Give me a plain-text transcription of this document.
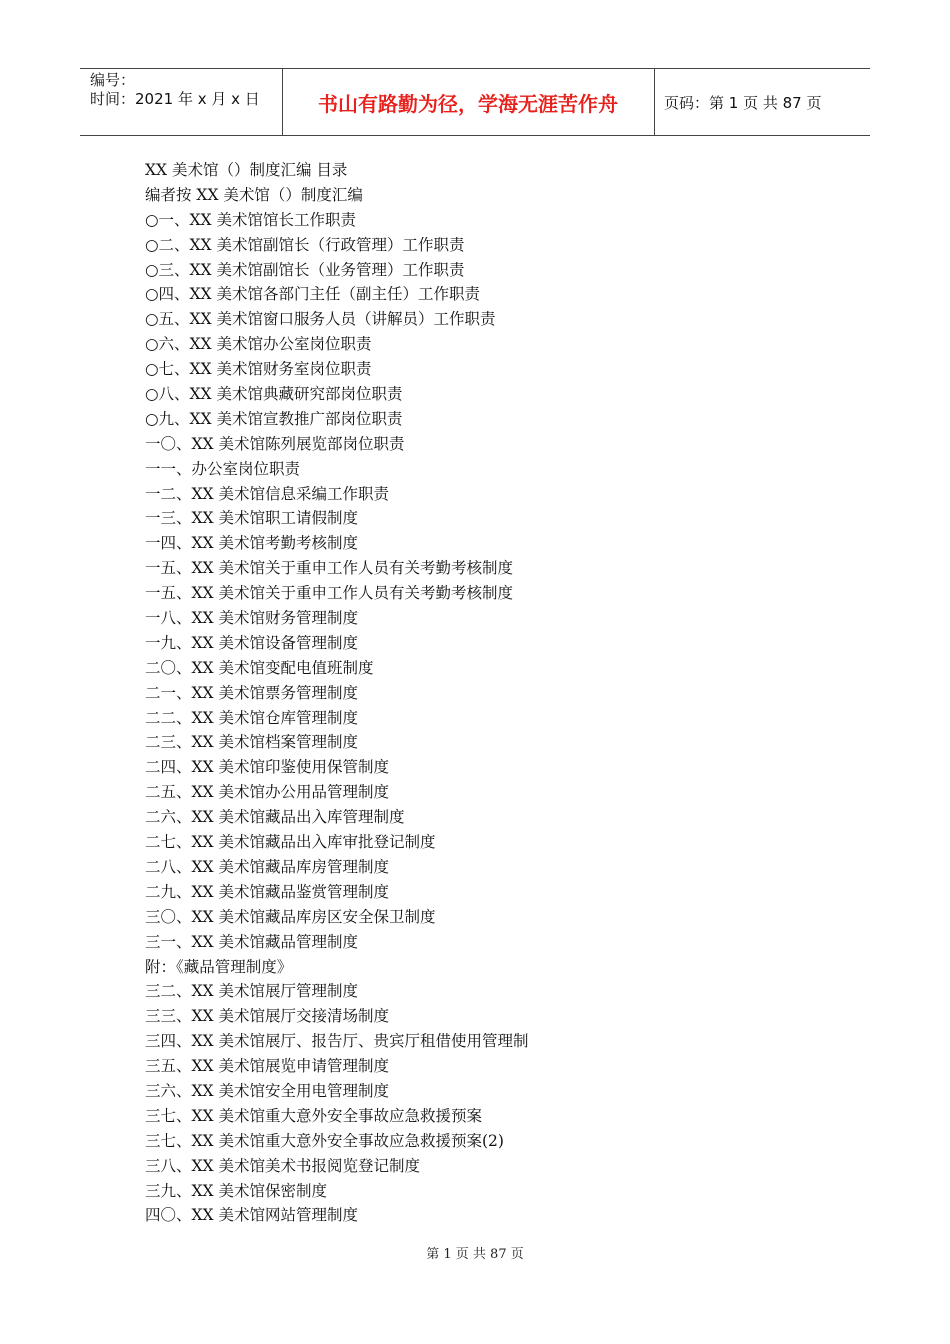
编号：
时间：2021 年 x 月 x 日	书山有路勤为径，学海无涯苦作舟	页码：第 1 页 共 87 页
XX 美术馆（）制度汇编 目录
编者按 XX 美术馆（）制度汇编
○一、XX 美术馆馆长工作职责
○二、XX 美术馆副馆长（行政管理）工作职责
○三、XX 美术馆副馆长（业务管理）工作职责
○四、XX 美术馆各部门主任（副主任）工作职责
○五、XX 美术馆窗口服务人员（讲解员）工作职责
○六、XX 美术馆办公室岗位职责
○七、XX 美术馆财务室岗位职责
○八、XX 美术馆典藏研究部岗位职责
○九、XX 美术馆宣教推广部岗位职责
一〇、XX 美术馆陈列展览部岗位职责
一一、办公室岗位职责
一二、XX 美术馆信息采编工作职责
一三、XX 美术馆职工请假制度
一四、XX 美术馆考勤考核制度
一五、XX 美术馆关于重申工作人员有关考勤考核制度
一五、XX 美术馆关于重申工作人员有关考勤考核制度
一八、XX 美术馆财务管理制度
一九、XX 美术馆设备管理制度
二〇、XX 美术馆变配电值班制度
二一、XX 美术馆票务管理制度
二二、XX 美术馆仓库管理制度
二三、XX 美术馆档案管理制度
二四、XX 美术馆印鉴使用保管制度
二五、XX 美术馆办公用品管理制度
二六、XX 美术馆藏品出入库管理制度
二七、XX 美术馆藏品出入库审批登记制度
二八、XX 美术馆藏品库房管理制度
二九、XX 美术馆藏品鉴赏管理制度
三〇、XX 美术馆藏品库房区安全保卫制度
三一、XX 美术馆藏品管理制度
附：《藏品管理制度》
三二、XX 美术馆展厅管理制度
三三、XX 美术馆展厅交接清场制度
三四、XX 美术馆展厅、报告厅、贵宾厅租借使用管理制
三五、XX 美术馆展览申请管理制度
三六、XX 美术馆安全用电管理制度
三七、XX 美术馆重大意外安全事故应急救援预案
三七、XX 美术馆重大意外安全事故应急救援预案(2)
三八、XX 美术馆美术书报阅览登记制度
三九、XX 美术馆保密制度
四〇、XX 美术馆网站管理制度
第 1 页 共 87 页
